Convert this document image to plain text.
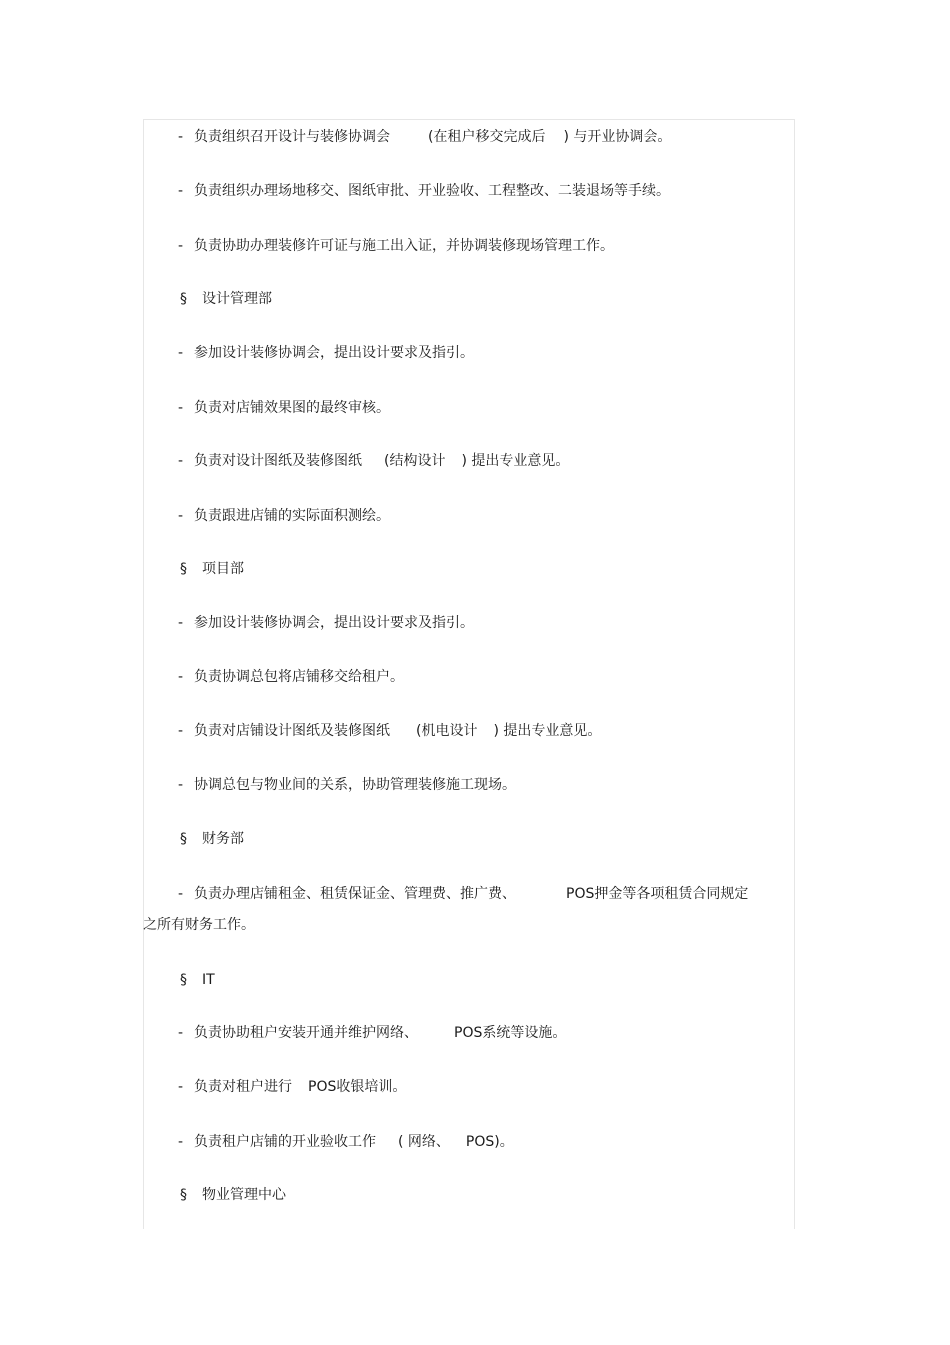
- 负责组织召开设计与装修协调会	(在租户移交完成后 ) 与开业协调会。
- 负责组织办理场地移交、图纸审批、开业验收、工程整改、二装退场等手续。
- 负责协助办理装修许可证与施工出入证，并协调装修现场管理工作。
§ 设计管理部
- 参加设计装修协调会，提出设计要求及指引。
- 负责对店铺效果图的最终审核。
- 负责对设计图纸及装修图纸 (结构设计 ) 提出专业意见。
- 负责跟进店铺的实际面积测绘。
§ 项目部
- 参加设计装修协调会，提出设计要求及指引。
- 负责协调总包将店铺移交给租户。
- 负责对店铺设计图纸及装修图纸 (机电设计 ) 提出专业意见。
- 协调总包与物业间的关系，协助管理装修施工现场。
§ 财务部
- 负责办理店铺租金、租赁保证金、管理费、推广费、	POS押金等各项租赁合同规定
之所有财务工作。
§ IT
- 负责协助租户安装开通并维护网络、	POS系统等设施。
- 负责对租户进行 POS收银培训。
- 负责租户店铺的开业验收工作 ( 网络、 POS)。
§ 物业管理中心
